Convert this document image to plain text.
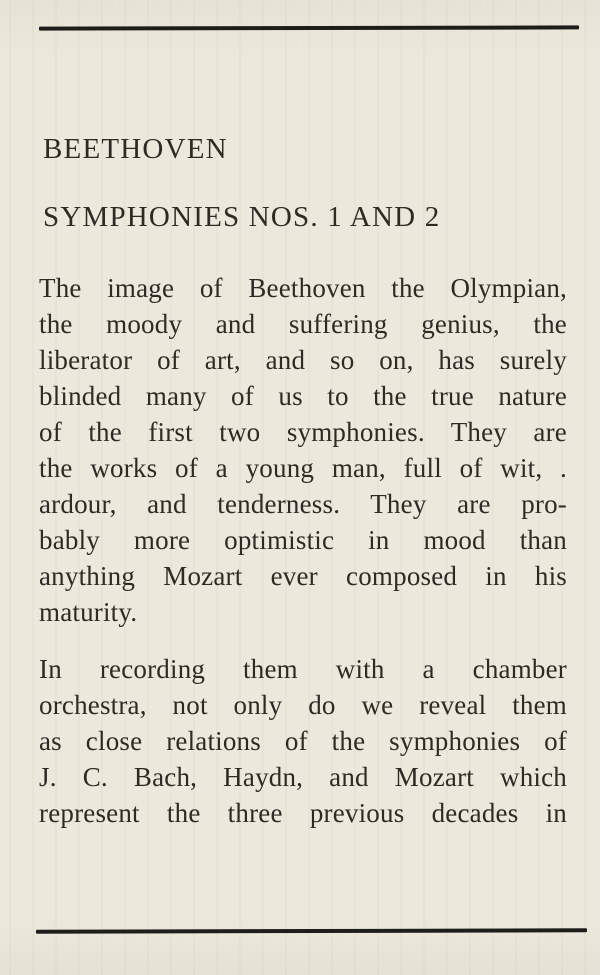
BEETHOVEN
SYMPHONIES NOS. 1 AND 2
The image of Beethoven the Olympian,
the moody and suffering genius, the
liberator of art, and so on, has surely
blinded many of us to the true nature
of the first two symphonies. They are
the works of a young man, full of wit, .
ardour, and tenderness. They are pro-
bably more optimistic in mood than
anything Mozart ever composed in his
maturity.
In recording them with a chamber
orchestra, not only do we reveal them
as close relations of the symphonies of
J. C. Bach, Haydn, and Mozart which
represent the three previous decades in
